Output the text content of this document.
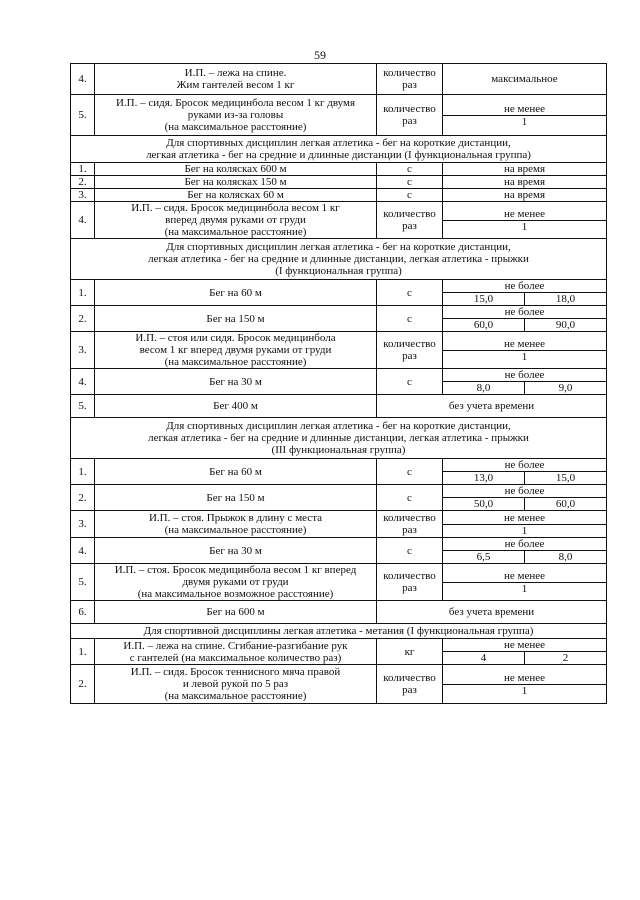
59
4.	И.П. – лежа на спине.
Жим гантелей весом 1 кг	количество
раз	максимальное
5.	И.П. – сидя. Бросок медицинбола весом 1 кг двумя
руками из-за головы
(на максимальное расстояние)	количество
раз	не менее
1

Для спортивных дисциплин легкая атлетика - бег на короткие дистанции,
легкая атлетика - бег на средние и длинные дистанции (I функциональная группа)			

1.	Бег на колясках 600 м	с	на время
2.	Бег на колясках 150 м	с	на время
3.	Бег на колясках 60 м	с	на время
4.	И.П. – сидя. Бросок медицинбола весом 1 кг
вперед двумя руками от груди
(на максимальное расстояние)	количество
раз	не менее
1

Для спортивных дисциплин легкая атлетика - бег на короткие дистанции,
легкая атлетика - бег на средние и длинные дистанции, легкая атлетика - прыжки
(I функциональная группа)			

1.	Бег на 60 м	с	не более
15,0 18,0

2.	Бег на 150 м	с	не более
60,0 90,0

3.	И.П. – стоя или сидя. Бросок медицинбола
весом 1 кг вперед двумя руками от груди
(на максимальное расстояние)	количество
раз	не менее
1

4.	Бег на 30 м	с	не более
8,0 9,0

5.	Бег 400 м	без учета времени	

Для спортивных дисциплин легкая атлетика - бег на короткие дистанции,
легкая атлетика - бег на средние и длинные дистанции, легкая атлетика - прыжки
(III функциональная группа)			

1.	Бег на 60 м	с	не более
13,0 15,0

2.	Бег на 150 м	с	не более
50,0 60,0

3.	И.П. – стоя. Прыжок в длину с места
(на максимальное расстояние)	количество
раз	не менее
1

4.	Бег на 30 м	с	не более
6,5 8,0

5.	И.П. – стоя. Бросок медицинбола весом 1 кг вперед
двумя руками от груди
(на максимальное возможное расстояние)	количество
раз	не менее
1

6.	Бег на 600 м	без учета времени	

Для спортивной дисциплины легкая атлетика - метания (I функциональная группа)			

1.	И.П. – лежа на спине. Сгибание-разгибание рук
с гантелей (на максимальное количество раз)	кг	не менее
4 2

2.	И.П. – сидя. Бросок теннисного мяча правой
и левой рукой по 5 раз
(на максимальное расстояние)	количество
раз	не менее
1
